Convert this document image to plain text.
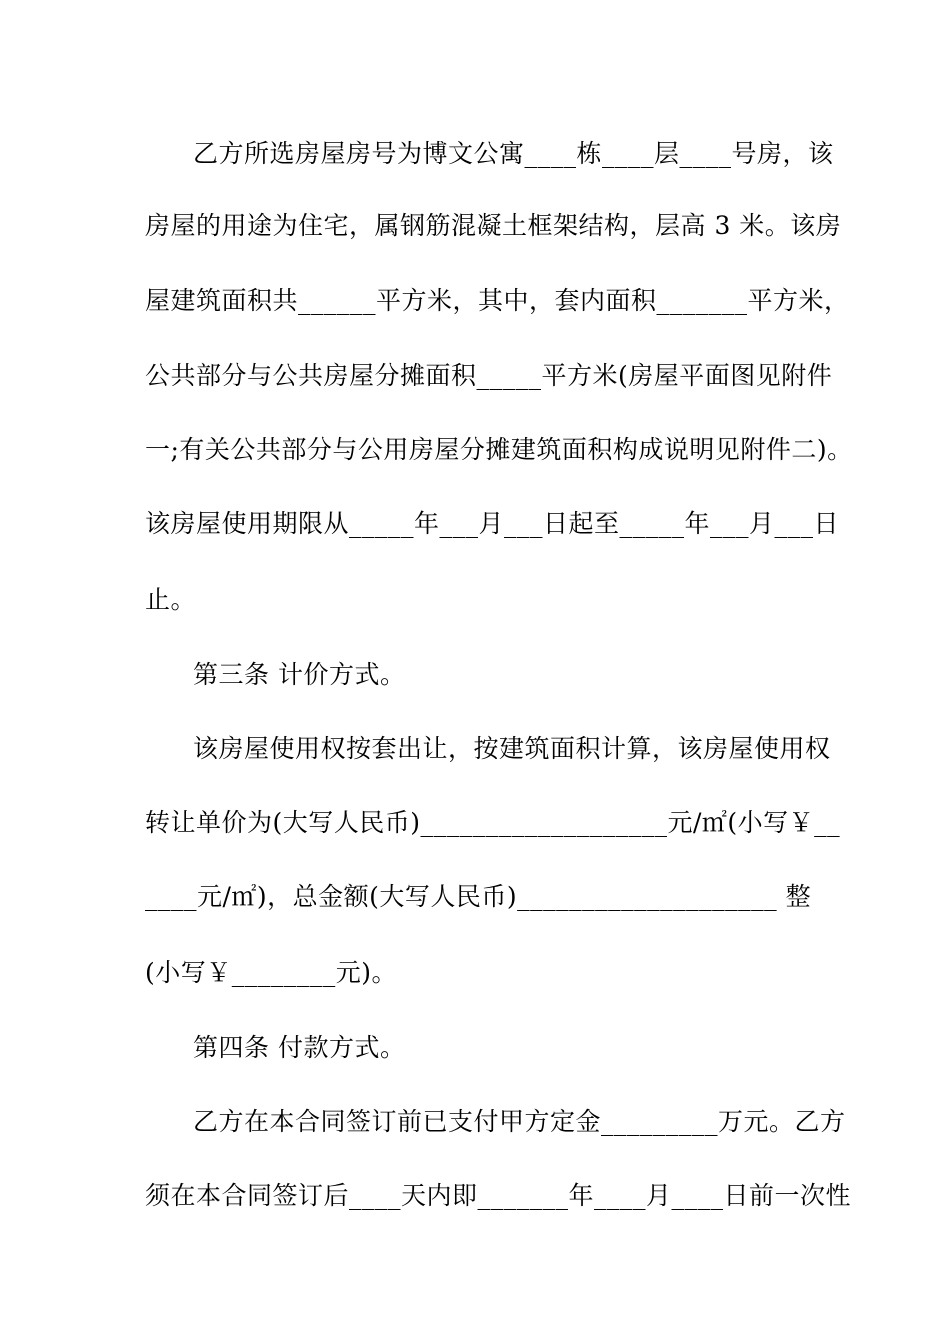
乙方所选房屋房号为博文公寓____栋____层____号房，该
房屋的用途为住宅，属钢筋混凝土框架结构，层高 3 米。该房
屋建筑面积共______平方米，其中，套内面积_______平方米，
公共部分与公共房屋分摊面积_____平方米(房屋平面图见附件
一;有关公共部分与公用房屋分摊建筑面积构成说明见附件二)。
该房屋使用期限从_____年___月___日起至_____年___月___日
止。
第三条 计价方式。
该房屋使用权按套出让，按建筑面积计算，该房屋使用权
转让单价为(大写人民币)___________________元/㎡(小写￥__
____元/㎡)，总金额(大写人民币)____________________ 整
(小写￥________元)。
第四条 付款方式。
乙方在本合同签订前已支付甲方定金_________万元。乙方
须在本合同签订后____天内即_______年____月____日前一次性
